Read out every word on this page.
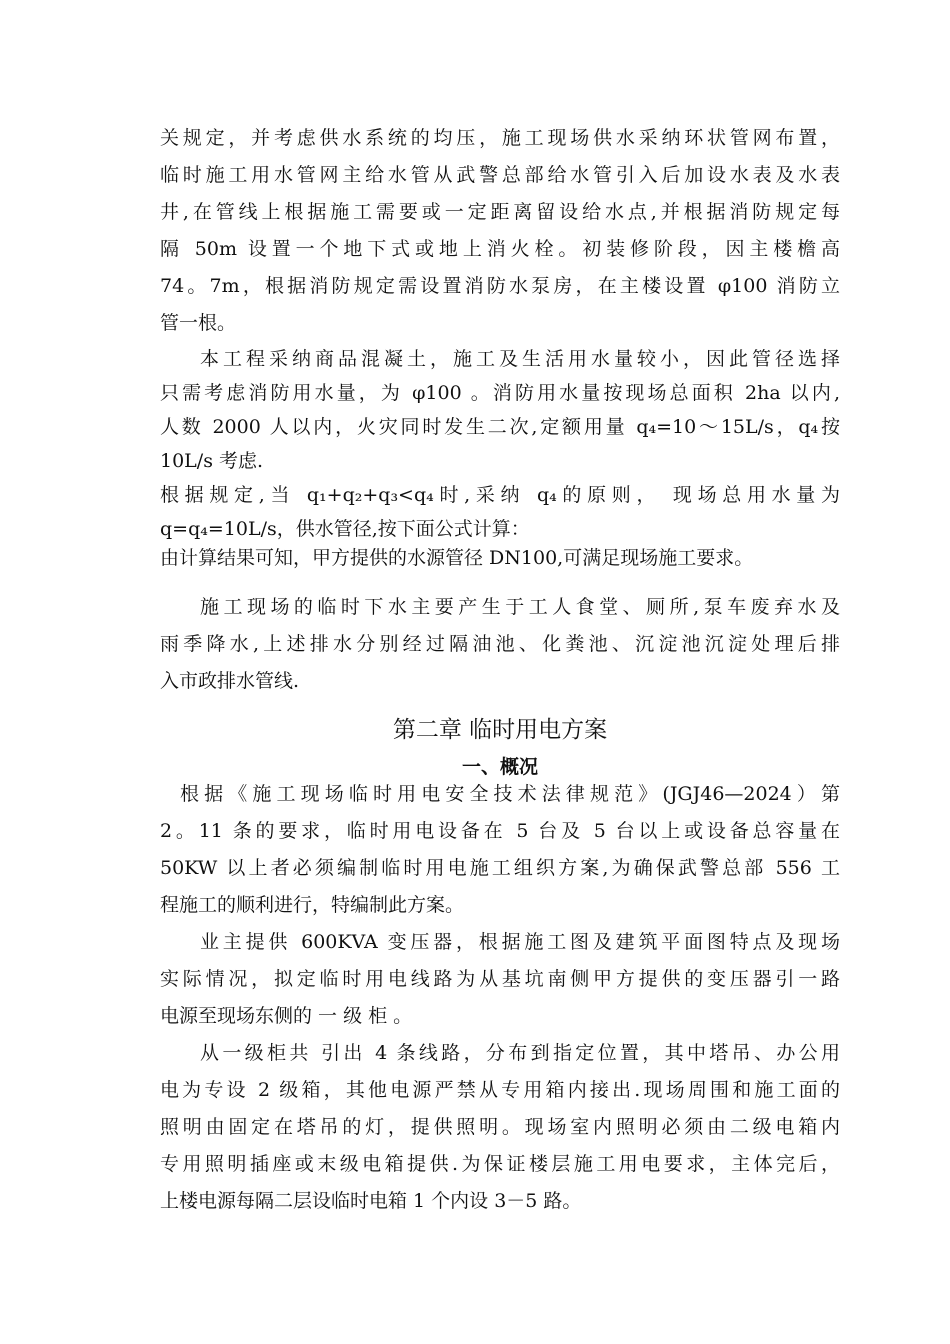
关规定，并考虑供水系统的均压，施工现场供水采纳环状管网布置，
临时施工用水管网主给水管从武警总部给水管引入后加设水表及水表
井,在管线上根据施工需要或一定距离留设给水点,并根据消防规定每
隔 50m 设置一个地下式或地上消火栓。初装修阶段，因主楼檐高
74。7m，根据消防规定需设置消防水泵房，在主楼设置 φ100 消防立
管一根。
本工程采纳商品混凝土，施工及生活用水量较小，因此管径选择
只需考虑消防用水量，为 φ100 。消防用水量按现场总面积 2ha 以内,
人数 2000 人以内，火灾同时发生二次,定额用量 q₄=10～15L/s，q₄按
10L/s 考虑.
根据规定,当 q₁+q₂+q₃<q₄时,采纳 q₄的原则， 现场总用水量为
q=q₄=10L/s，供水管径,按下面公式计算：
由计算结果可知，甲方提供的水源管径 DN100,可满足现场施工要求。
施工现场的临时下水主要产生于工人食堂、厕所,泵车废弃水及
雨季降水,上述排水分别经过隔油池、化粪池、沉淀池沉淀处理后排
入市政排水管线.
第二章 临时用电方案
一、概况
根据《施工现场临时用电安全技术法律规范》(JGJ46—2024）第
2。11 条的要求，临时用电设备在 5 台及 5 台以上或设备总容量在
50KW 以上者必须编制临时用电施工组织方案,为确保武警总部 556 工
程施工的顺利进行，特编制此方案。
业主提供 600KVA 变压器，根据施工图及建筑平面图特点及现场
实际情况，拟定临时用电线路为从基坑南侧甲方提供的变压器引一路
电源至现场东侧的 一 级 柜 。
从一级柜共 引出 4 条线路，分布到指定位置，其中塔吊、办公用
电为专设 2 级箱，其他电源严禁从专用箱内接出.现场周围和施工面的
照明由固定在塔吊的灯，提供照明。现场室内照明必须由二级电箱内
专用照明插座或末级电箱提供.为保证楼层施工用电要求，主体完后，
上楼电源每隔二层设临时电箱 1 个内设 3－5 路。
